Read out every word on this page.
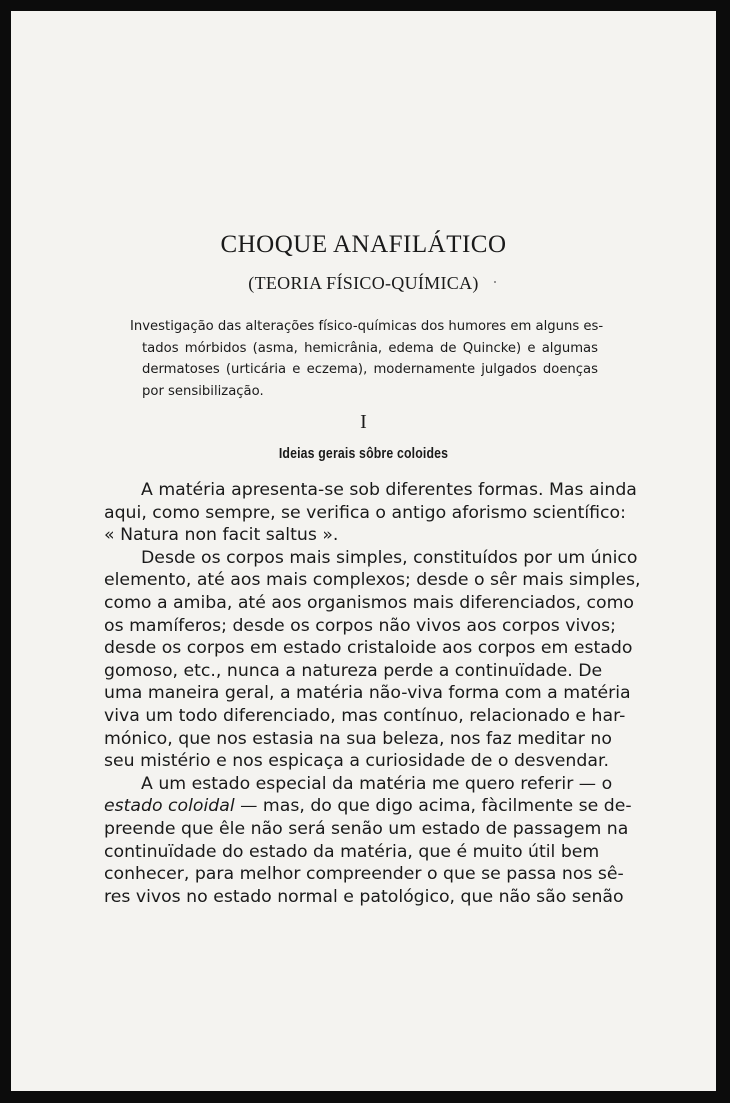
CHOQUE ANAFILÁTICO
(TEORIA FÍSICO-QUÍMICA)
Investigação das alterações físico-químicas dos humores em alguns es-
tados mórbidos (asma, hemicrânia, edema de Quincke) e algumas
dermatoses (urticária e eczema), modernamente julgados doenças
por sensibilização.
I
Ideias gerais sôbre coloides
A matéria apresenta-se sob diferentes formas. Mas ainda
aqui, como sempre, se verifica o antigo aforismo scientífico:
« Natura non facit saltus ».
Desde os corpos mais simples, constituídos por um único
elemento, até aos mais complexos; desde o sêr mais simples,
como a amiba, até aos organismos mais diferenciados, como
os mamíferos; desde os corpos não vivos aos corpos vivos;
desde os corpos em estado cristaloide aos corpos em estado
gomoso, etc., nunca a natureza perde a continuïdade. De
uma maneira geral, a matéria não-viva forma com a matéria
viva um todo diferenciado, mas contínuo, relacionado e har-
mónico, que nos estasia na sua beleza, nos faz meditar no
seu mistério e nos espicaça a curiosidade de o desvendar.
A um estado especial da matéria me quero referir — o
estado coloidal — mas, do que digo acima, fàcilmente se de-
preende que êle não será senão um estado de passagem na
continuïdade do estado da matéria, que é muito útil bem
conhecer, para melhor compreender o que se passa nos sê-
res vivos no estado normal e patológico, que não são senão
